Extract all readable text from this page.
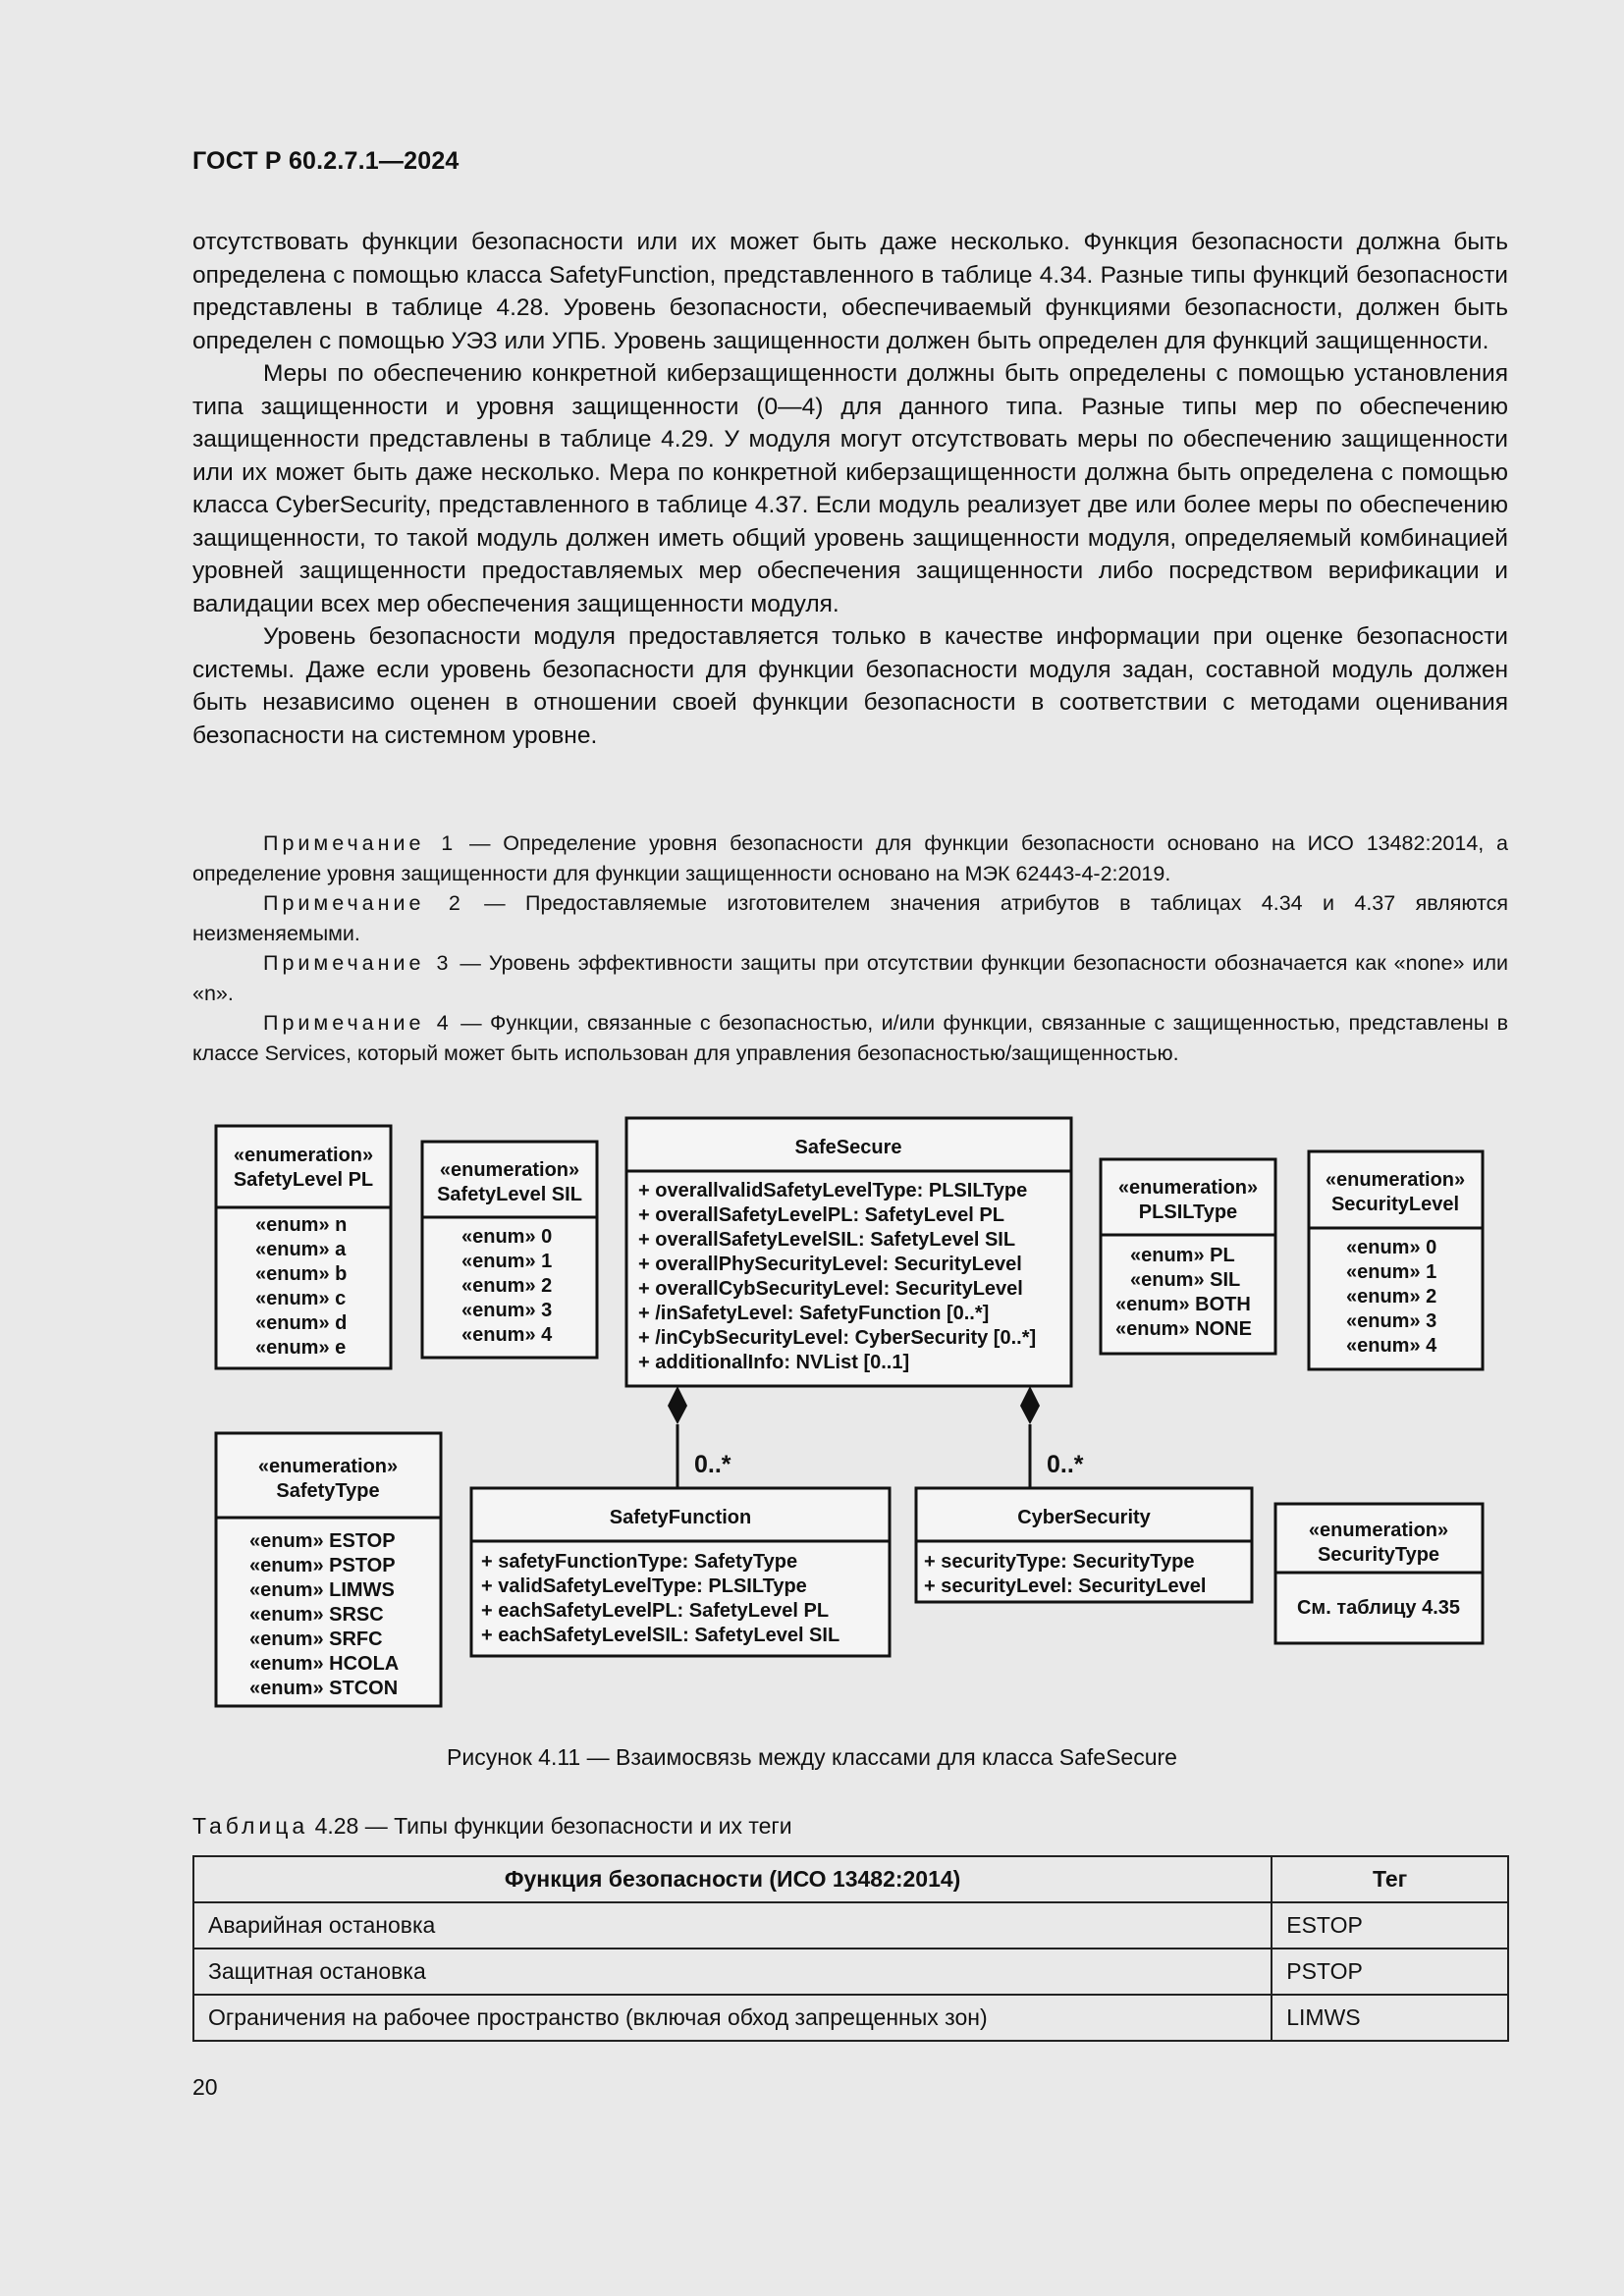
ГОСТ Р 60.2.7.1—2024

отсутствовать функции безопасности или их может быть даже несколько. Функция безопасности должна быть определена с помощью класса SafetyFunction, представленного в таблице 4.34. Разные типы функций безопасности представлены в таблице 4.28. Уровень безопасности, обеспечиваемый функциями безопасности, должен быть определен с помощью УЭЗ или УПБ. Уровень защищенности должен быть определен для функций защищенности.

Меры по обеспечению конкретной киберзащищенности должны быть определены с помощью установления типа защищенности и уровня защищенности (0—4) для данного типа. Разные типы мер по обеспечению защищенности представлены в таблице 4.29. У модуля могут отсутствовать меры по обеспечению защищенности или их может быть даже несколько. Мера по конкретной киберзащищенности должна быть определена с помощью класса CyberSecurity, представленного в таблице 4.37. Если модуль реализует две или более меры по обеспечению защищенности, то такой модуль должен иметь общий уровень защищенности модуля, определяемый комбинацией уровней защищенности предоставляемых мер обеспечения защищенности либо посредством верификации и валидации всех мер обеспечения защищенности модуля.

Уровень безопасности модуля предоставляется только в качестве информации при оценке безопасности системы. Даже если уровень безопасности для функции безопасности модуля задан, составной модуль должен быть независимо оценен в отношении своей функции безопасности в соответствии с методами оценивания безопасности на системном уровне.

Примечание 1 — Определение уровня безопасности для функции безопасности основано на ИСО 13482:2014, а определение уровня защищенности для функции защищенности основано на МЭК 62443-4-2:2019.

Примечание 2 — Предоставляемые изготовителем значения атрибутов в таблицах 4.34 и 4.37 являются неизменяемыми.

Примечание 3 — Уровень эффективности защиты при отсутствии функции безопасности обозначается как «none» или «n».

Примечание 4 — Функции, связанные с безопасностью, и/или функции, связанные с защищенностью, представлены в классе Services, который может быть использован для управления безопасностью/защищенностью.

0..*	0..*
«enumeration»
SafetyLevel PL
«enum» n
«enum» a
«enum» b
«enum» c
«enum» d
«enum» e
«enumeration»
SafetyLevel SIL
«enum» 0
«enum» 1
«enum» 2
«enum» 3
«enum» 4
SafeSecure
+ overallvalidSafetyLevelType: PLSILType
+ overallSafetyLevelPL: SafetyLevel PL
+ overallSafetyLevelSIL: SafetyLevel SIL
+ overallPhySecurityLevel: SecurityLevel
+ overallCybSecurityLevel: SecurityLevel
+ /inSafetyLevel: SafetyFunction [0..*]
+ /inCybSecurityLevel: CyberSecurity [0..*]
+ additionalInfo: NVList [0..1]
«enumeration»
PLSILType
«enum» PL
«enum» SIL
«enum» BOTH
«enum» NONE
«enumeration»
SecurityLevel
«enum» 0
«enum» 1
«enum» 2
«enum» 3
«enum» 4
«enumeration»
SafetyType
«enum» ESTOP
«enum» PSTOP
«enum» LIMWS
«enum» SRSC
«enum» SRFC
«enum» HCOLA
«enum» STCON
SafetyFunction
+ safetyFunctionType: SafetyType
+ validSafetyLevelType: PLSILType
+ eachSafetyLevelPL: SafetyLevel PL
+ eachSafetyLevelSIL: SafetyLevel SIL
CyberSecurity
+ securityType: SecurityType
+ securityLevel: SecurityLevel
«enumeration»
SecurityType
См. таблицу 4.35
Рисунок 4.11 — Взаимосвязь между классами для класса SafeSecure
Таблица 4.28 — Типы функции безопасности и их теги
Функция безопасности (ИСО 13482:2014)	Тег
Аварийная остановка	ESTOP
Защитная остановка	PSTOP
Ограничения на рабочее пространство (включая обход запрещенных зон)	LIMWS
20
